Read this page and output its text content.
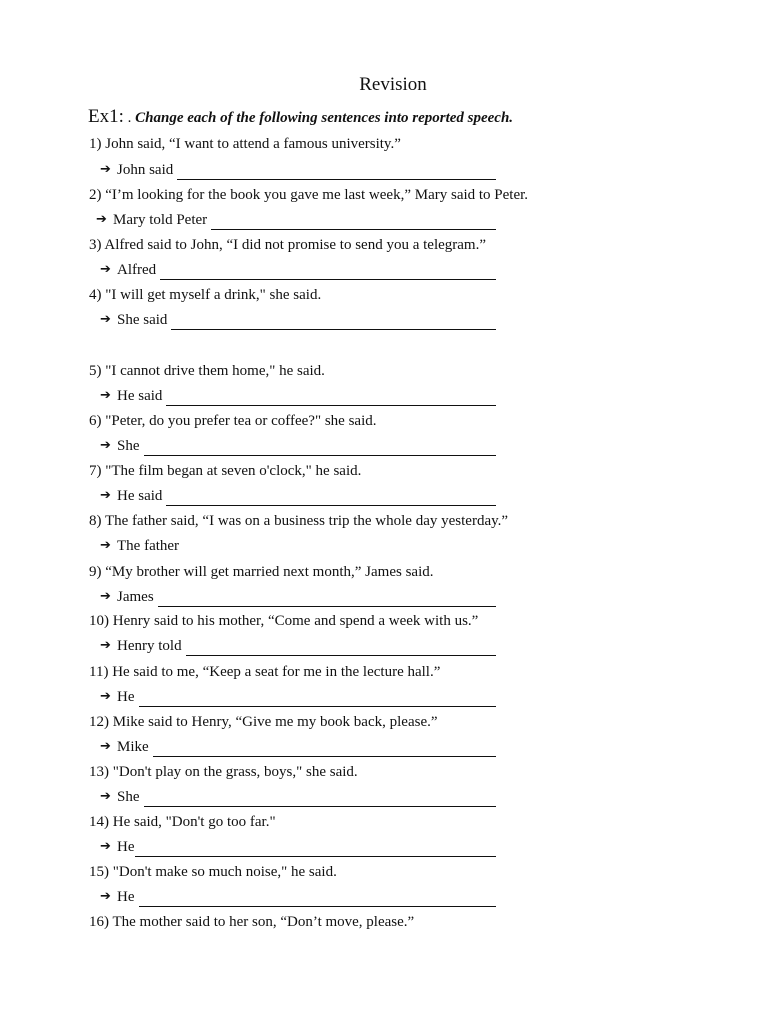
Revision
Ex1: . Change each of the following sentences into reported speech.
1) John said, “I want to attend a famous university.”
➔ John said
2) “I’m looking for the book you gave me last week,” Mary said to Peter.
➔ Mary told Peter
3) Alfred said to John, “I did not promise to send you a telegram.”
➔ Alfred
4) "I will get myself a drink," she said.
➔ She said
5) "I cannot drive them home," he said.
➔ He said
6) "Peter, do you prefer tea or coffee?" she said.
➔ She
7) "The film began at seven o'clock," he said.
➔ He said
8) The father said, “I was on a business trip the whole day yesterday.”
➔ The father
9) “My brother will get married next month,” James said.
➔ James
10) Henry said to his mother, “Come and spend a week with us.”
➔ Henry told
11) He said to me, “Keep a seat for me in the lecture hall.”
➔ He
12) Mike said to Henry, “Give me my book back, please.”
➔ Mike
13) "Don't play on the grass, boys," she said.
➔ She
14) He said, "Don't go too far."
➔ He
15) "Don't make so much noise," he said.
➔ He
16) The mother said to her son, “Don’t move, please.”
